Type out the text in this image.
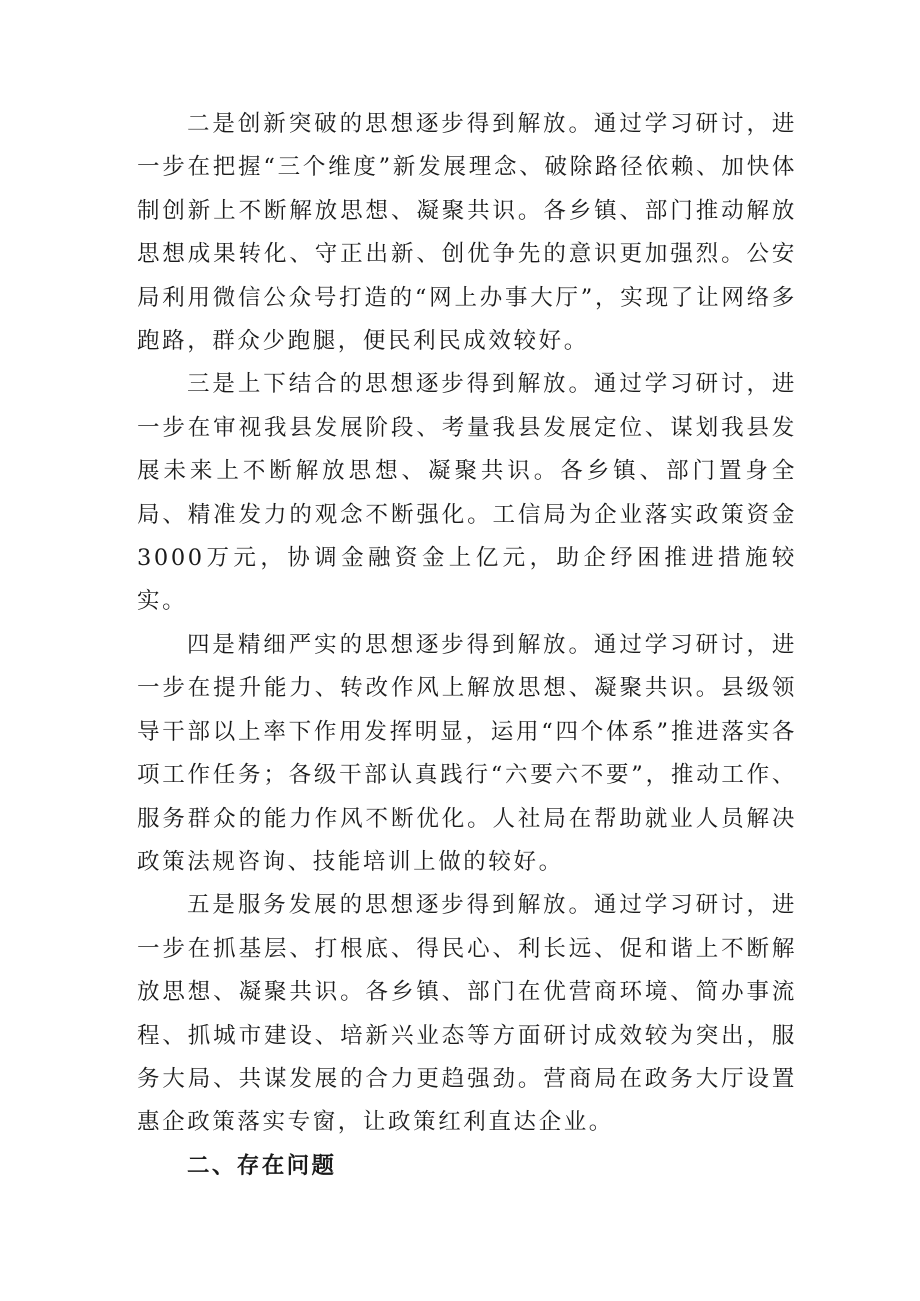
二是创新突破的思想逐步得到解放。通过学习研讨，进一步在把握“三个维度”新发展理念、破除路径依赖、加快体制创新上不断解放思想、凝聚共识。各乡镇、部门推动解放思想成果转化、守正出新、创优争先的意识更加强烈。公安局利用微信公众号打造的“网上办事大厅”，实现了让网络多跑路，群众少跑腿，便民利民成效较好。

三是上下结合的思想逐步得到解放。通过学习研讨，进一步在审视我县发展阶段、考量我县发展定位、谋划我县发展未来上不断解放思想、凝聚共识。各乡镇、部门置身全局、精准发力的观念不断强化。工信局为企业落实政策资金3000万元，协调金融资金上亿元，助企纾困推进措施较实。

四是精细严实的思想逐步得到解放。通过学习研讨，进一步在提升能力、转改作风上解放思想、凝聚共识。县级领导干部以上率下作用发挥明显，运用“四个体系”推进落实各项工作任务；各级干部认真践行“六要六不要”，推动工作、服务群众的能力作风不断优化。人社局在帮助就业人员解决政策法规咨询、技能培训上做的较好。

五是服务发展的思想逐步得到解放。通过学习研讨，进一步在抓基层、打根底、得民心、利长远、促和谐上不断解放思想、凝聚共识。各乡镇、部门在优营商环境、简办事流程、抓城市建设、培新兴业态等方面研讨成效较为突出，服务大局、共谋发展的合力更趋强劲。营商局在政务大厅设置惠企政策落实专窗，让政策红利直达企业。

二、存在问题
